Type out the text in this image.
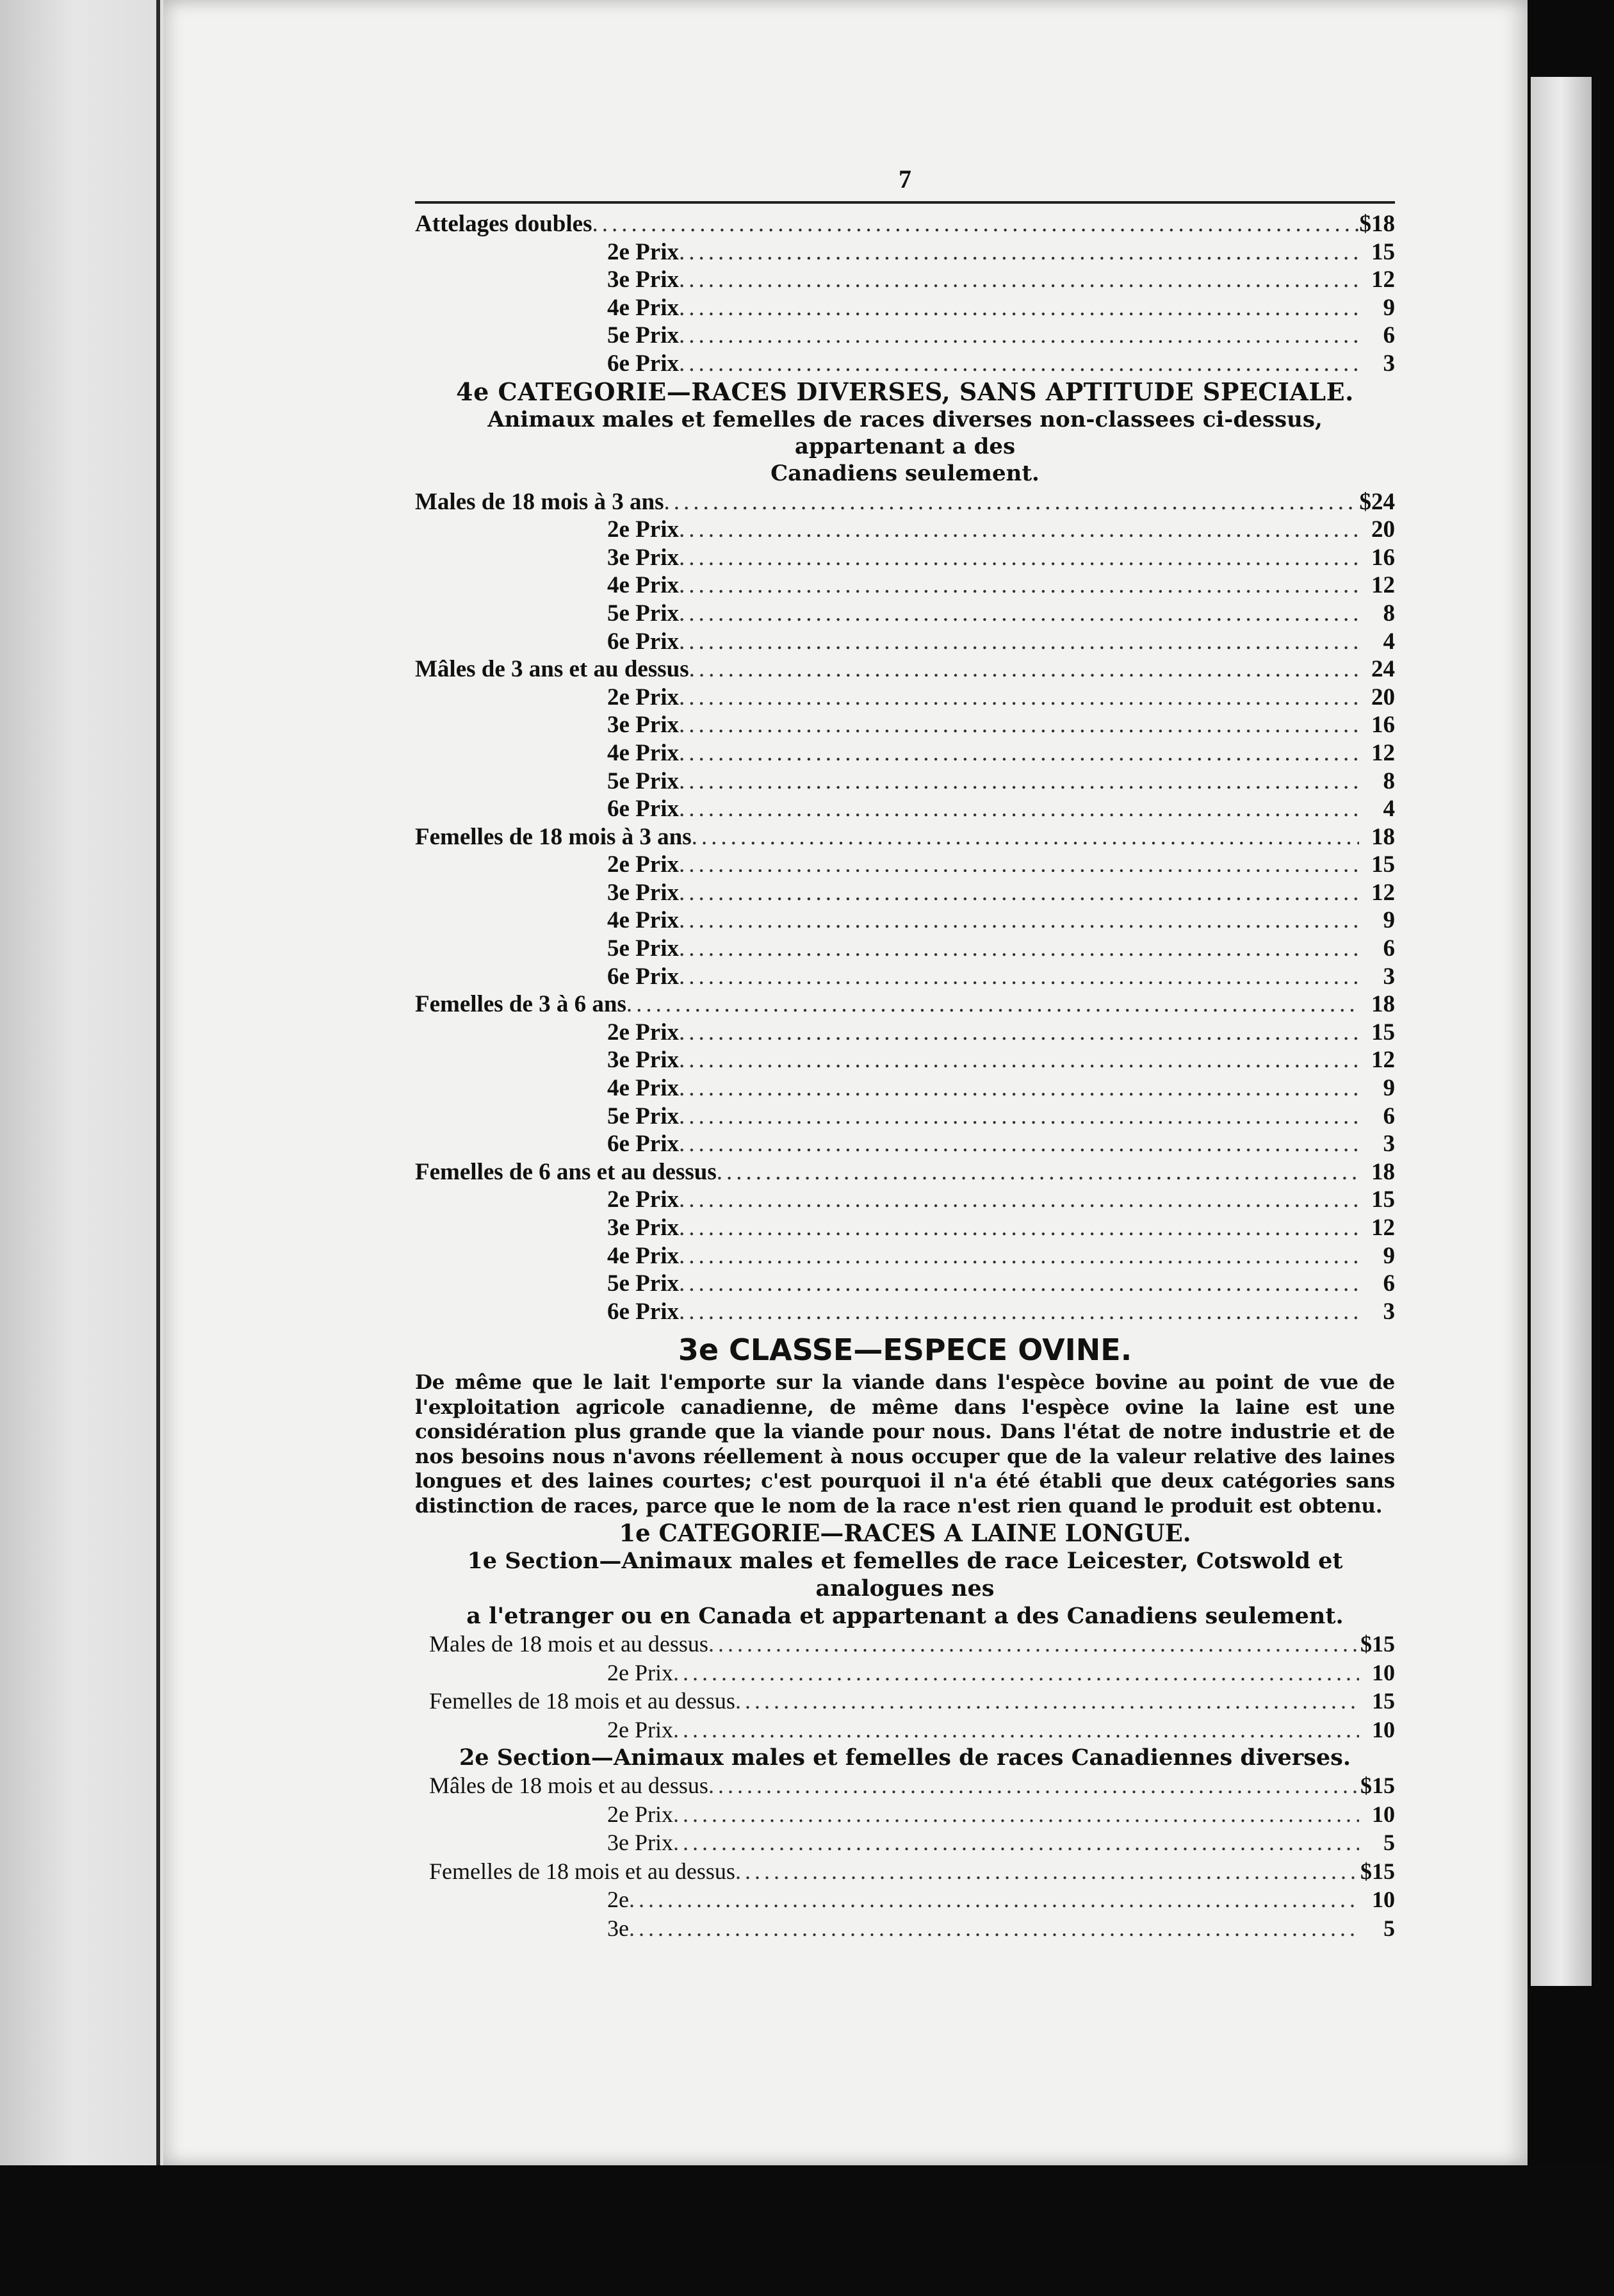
7
Attelages doubles .....	$18
2e Prix .....	15
3e Prix .....	12
4e Prix .....	9
5e Prix .....	6
6e Prix .....	3
4e CATEGORIE—RACES DIVERSES, SANS APTITUDE SPECIALE.
Animaux males et femelles de races diverses non-classees ci-dessus, appartenant a des
Canadiens seulement.
Males de 18 mois à 3 ans .....	$24
2e Prix .....	20
3e Prix .....	16
4e Prix .....	12
5e Prix .....	8
6e Prix .....	4
Mâles de 3 ans et au dessus .....	24
2e Prix .....	20
3e Prix .....	16
4e Prix .....	12
5e Prix .....	8
6e Prix .....	4
Femelles de 18 mois à 3 ans .....	18
2e Prix .....	15
3e Prix .....	12
4e Prix .....	9
5e Prix .....	6
6e Prix .....	3
Femelles de 3 à 6 ans .....	18
2e Prix .....	15
3e Prix .....	12
4e Prix .....	9
5e Prix .....	6
6e Prix .....	3
Femelles de 6 ans et au dessus .....	18
2e Prix .....	15
3e Prix .....	12
4e Prix .....	9
5e Prix .....	6
6e Prix .....	3
3e CLASSE—ESPECE OVINE.
De même que le lait l'emporte sur la viande dans l'espèce bovine au point de vue de l'exploitation agricole canadienne, de même dans l'espèce ovine la laine est une considération plus grande que la viande pour nous. Dans l'état de notre industrie et de nos besoins nous n'avons réellement à nous occuper que de la valeur relative des laines longues et des laines courtes; c'est pourquoi il n'a été établi que deux catégories sans distinction de races, parce que le nom de la race n'est rien quand le produit est obtenu.
1e CATEGORIE—RACES A LAINE LONGUE.
1e Section—Animaux males et femelles de race Leicester, Cotswold et analogues nes
a l'etranger ou en Canada et appartenant a des Canadiens seulement.
Males de 18 mois et au dessus .....	$15
2e Prix .....	10
Femelles de 18 mois et au dessus .....	15
2e Prix .....	10
2e Section—Animaux males et femelles de races Canadiennes diverses.
Mâles de 18 mois et au dessus .....	$15
2e Prix .....	10
3e Prix .....	5
Femelles de 18 mois et au dessus .....	$15
2e .....	10
3e .....	5
